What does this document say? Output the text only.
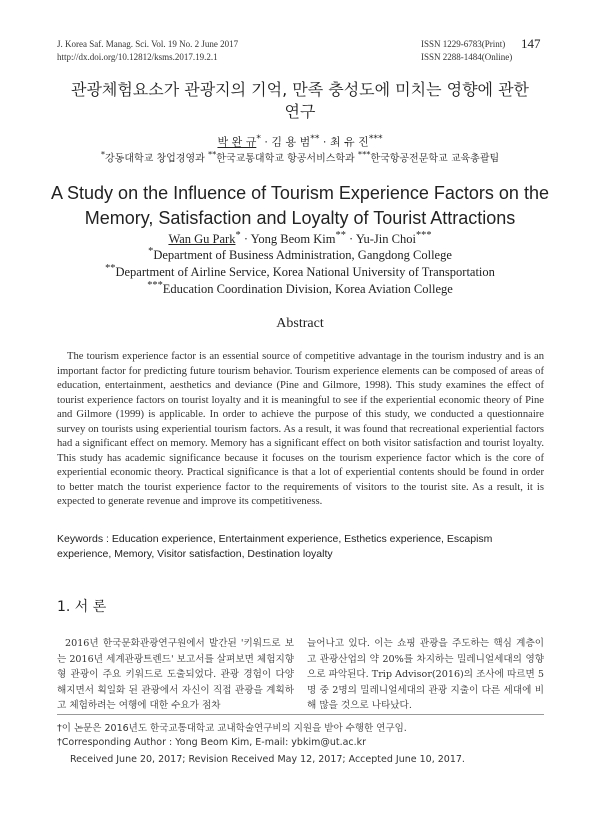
J. Korea Saf. Manag. Sci. Vol. 19 No. 2 June 2017
http://dx.doi.org/10.12812/ksms.2017.19.2.1
ISSN 1229-6783(Print)
ISSN 2288-1484(Online)
147
관광체험요소가 관광지의 기억, 만족 충성도에 미치는 영향에 관한
연구
박 완 규* · 김 용 범** · 최 유 진***
*강동대학교 창업경영과 **한국교통대학교 항공서비스학과 ***한국항공전문학교 교육총괄팀
A Study on the Influence of Tourism Experience Factors on the
Memory, Satisfaction and Loyalty of Tourist Attractions
Wan Gu Park* · Yong Beom Kim** · Yu-Jin Choi***
*Department of Business Administration, Gangdong College
**Department of Airline Service, Korea National University of Transportation
***Education Coordination Division, Korea Aviation College
Abstract
The tourism experience factor is an essential source of competitive advantage in the tourism industry and is an important factor for predicting future tourism behavior. Tourism experience elements can be composed of areas of education, entertainment, aesthetics and deviance (Pine and Gilmore, 1998). This study examines the effect of tourist experience factors on tourist loyalty and it is meaningful to see if the experiential economic theory of Pine and Gilmore (1999) is applicable. In order to achieve the purpose of this study, we conducted a questionnaire survey on tourists using experiential tourism factors. As a result, it was found that recreational experiential factors had a significant effect on memory. Memory has a significant effect on both visitor satisfaction and tourist loyalty. This study has academic significance because it focuses on the tourism experience factor which is the core of experiential economic theory. Practical significance is that a lot of experiential contents should be found in order to better match the tourist experience factor to the requirements of visitors to the tourist site. As a result, it is expected to generate revenue and improve its competitiveness.
Keywords : Education experience, Entertainment experience, Esthetics experience, Escapism experience, Memory, Visitor satisfaction, Destination loyalty
1. 서 론
2016년 한국문화관광연구원에서 발간된 '키워드로 보는 2016년 세계관광트렌드' 보고서를 살펴보면 체험지향형 관광이 주요 키워드로 도출되었다. 관광 경험이 다양해지면서 획일화 된 관광에서 자신이 직접 관광을 계획하고 체험하려는 여행에 대한 수요가 점차
늘어나고 있다. 이는 쇼핑 관광을 주도하는 핵심 계층이고 관광산업의 약 20%를 차지하는 밀레니얼세대의 영향으로 파악된다. Trip Advisor(2016)의 조사에 따르면 5명 중 2명의 밀레니얼세대의 관광 지출이 다른 세대에 비해 많을 것으로 나타났다.
†이 논문은 2016년도 한국교통대학교 교내학술연구비의 지원을 받아 수행한 연구임.
†Corresponding Author : Yong Beom Kim, E-mail: ybkim@ut.ac.kr
Received June 20, 2017; Revision Received May 12, 2017; Accepted June 10, 2017.
